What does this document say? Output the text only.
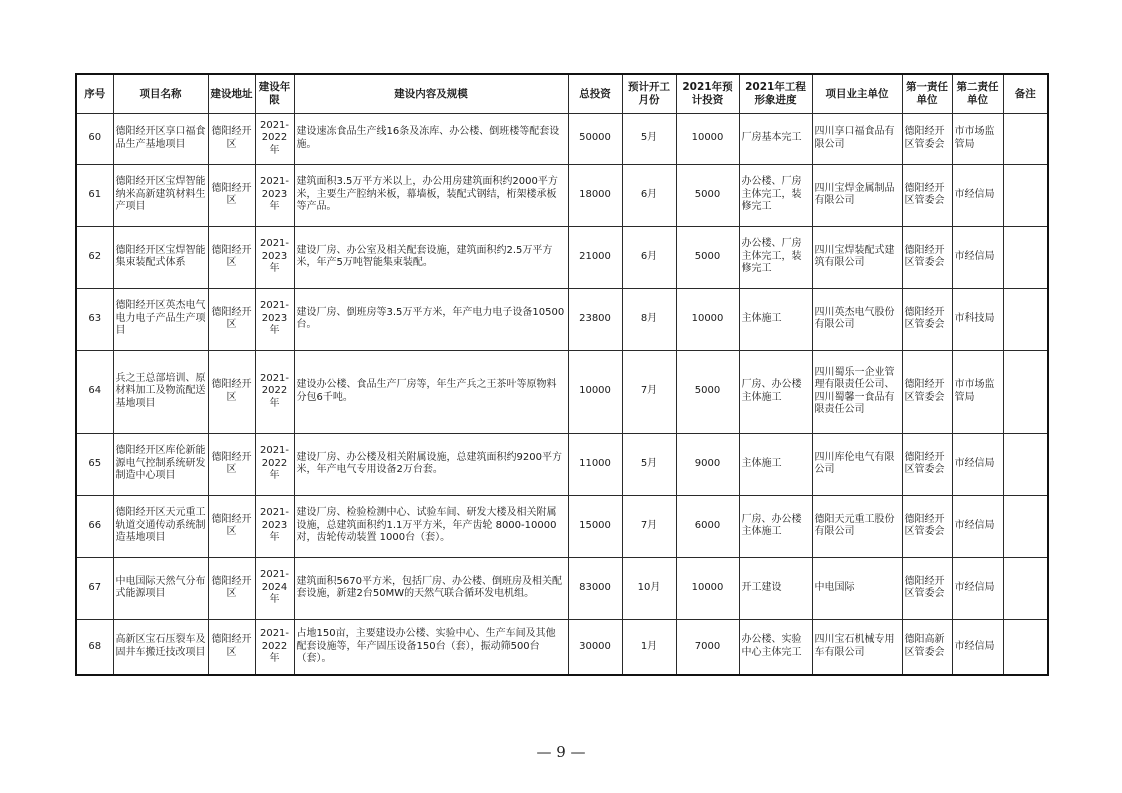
序号	项目名称	建设地址	建设年限	建设内容及规模	总投资	预计开工月份	2021年预计投资	2021年工程形象进度	项目业主单位	第一责任单位	第二责任单位	备注
60	德阳经开区享口福食品生产基地项目	德阳经开区	2021-2022年	建设速冻食品生产线16条及冻库、办公楼、倒班楼等配套设施。	50000	5月	10000	厂房基本完工	四川享口福食品有限公司	德阳经开区管委会	市市场监管局	
61	德阳经开区宝焊智能纳米高新建筑材料生产项目	德阳经开区	2021-2023年	建筑面积3.5万平方米以上，办公用房建筑面积约2000平方米，主要生产腔纳米板，幕墙板，装配式钢结，桁架楼承板等产品。	18000	6月	5000	办公楼、厂房主体完工，装修完工	四川宝焊金属制品有限公司	德阳经开区管委会	市经信局	
62	德阳经开区宝焊智能集束装配式体系	德阳经开区	2021-2023年	建设厂房、办公室及相关配套设施，建筑面积约2.5万平方米，年产5万吨智能集束装配。	21000	6月	5000	办公楼、厂房主体完工，装修完工	四川宝焊装配式建筑有限公司	德阳经开区管委会	市经信局	
63	德阳经开区英杰电气电力电子产品生产项目	德阳经开区	2021-2023年	建设厂房、倒班房等3.5万平方米，年产电力电子设备10500台。	23800	8月	10000	主体施工	四川英杰电气股份有限公司	德阳经开区管委会	市科技局	
64	兵之王总部培训、原材料加工及物流配送基地项目	德阳经开区	2021-2022年	建设办公楼、食品生产厂房等，年生产兵之王茶叶等原物料分包6千吨。	10000	7月	5000	厂房、办公楼主体施工	四川蜀乐一企业管理有限责任公司、四川蜀馨一食品有限责任公司	德阳经开区管委会	市市场监管局	
65	德阳经开区库伦新能源电气控制系统研发制造中心项目	德阳经开区	2021-2022年	建设厂房、办公楼及相关附属设施，总建筑面积约9200平方米，年产电气专用设备2万台套。	11000	5月	9000	主体施工	四川库伦电气有限公司	德阳经开区管委会	市经信局	
66	德阳经开区天元重工轨道交通传动系统制造基地项目	德阳经开区	2021-2023年	建设厂房、检验检测中心、试验车间、研发大楼及相关附属设施，总建筑面积约1.1万平方米，年产齿轮 8000-10000对，齿轮传动装置 1000台（套）。	15000	7月	6000	厂房、办公楼主体施工	德阳天元重工股份有限公司	德阳经开区管委会	市经信局	
67	中电国际天然气分布式能源项目	德阳经开区	2021-2024年	建筑面积5670平方米，包括厂房、办公楼、倒班房及相关配套设施，新建2台50MW的天然气联合循环发电机组。	83000	10月	10000	开工建设	中电国际	德阳经开区管委会	市经信局	
68	高新区宝石压裂车及固井车搬迁技改项目	德阳经开区	2021-2022年	占地150亩，主要建设办公楼、实验中心、生产车间及其他配套设施等，年产固压设备150台（套），振动筛500台（套）。	30000	1月	7000	办公楼、实验中心主体完工	四川宝石机械专用车有限公司	德阳高新区管委会	市经信局	
— 9 —
